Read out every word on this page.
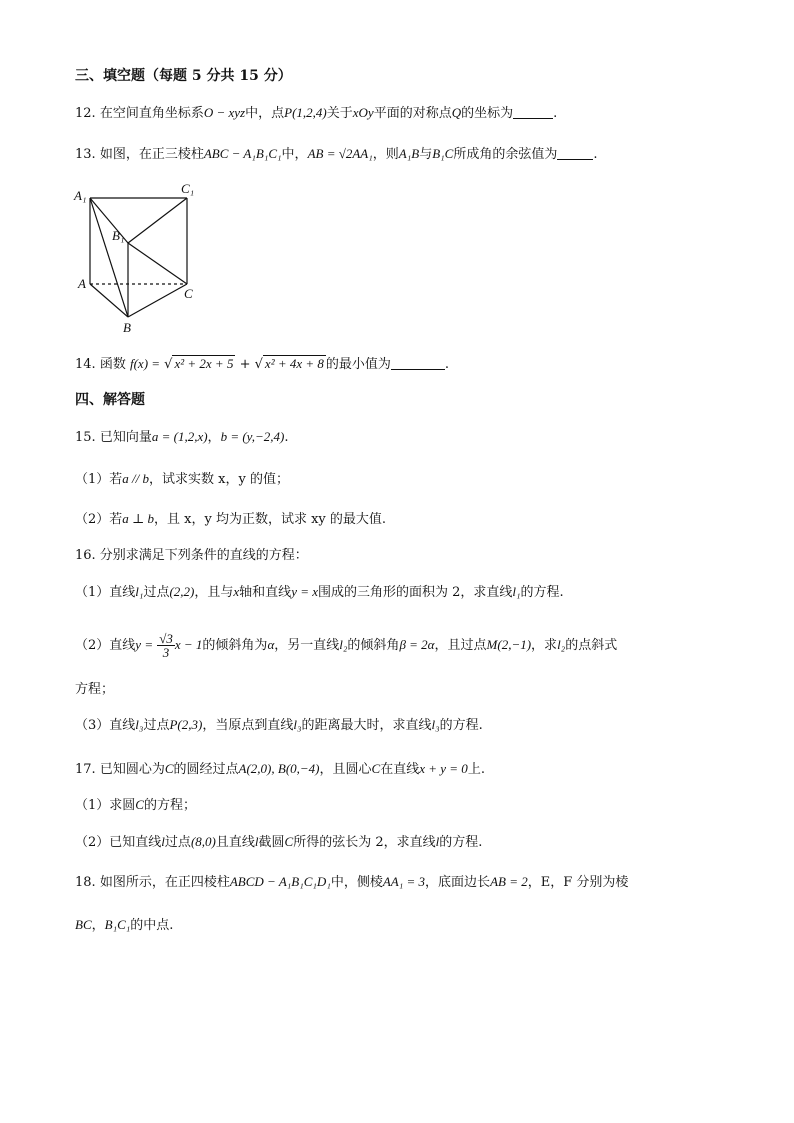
三、填空题（每题 5 分共 15 分）
12. 在空间直角坐标系O − xyz中，点P(1,2,4)关于xOy平面的对称点Q的坐标为	.
13. 如图，在正三棱柱ABC − A₁B₁C₁中，AB = √2AA₁，则A₁B与B₁C所成角的余弦值为	.
A₁	C₁
B₁
A
C
B
14. 函数 f(x) = √ x² + 2x + 5 + √ x² + 4x + 8 的最小值为	.
四、解答题
15. 已知向量a = (1,2,x)，b = (y,−2,4).
（1）若a // b，试求实数 x，y 的值；
（2）若a ⊥ b，且 x，y 均为正数，试求 xy 的最大值.
16. 分别求满足下列条件的直线的方程：
（1）直线l₁过点(2,2)，且与x轴和直线y = x围成的三角形的面积为 2，求直线l₁的方程.
（2）直线$y = \frac{√3}{3}$ x − 1的倾斜角为α，另一直线l₂的倾斜角β = 2α，且过点M(2,−1)，求l₂的点斜式
方程；
（3）直线l₃过点P(2,3)，当原点到直线l₃的距离最大时，求直线l₃的方程.
17. 已知圆心为C的圆经过点A(2,0), B(0,−4)，且圆心C在直线x + y = 0上.
（1）求圆C的方程；
（2）已知直线l过点(8,0)且直线l截圆C所得的弦长为 2，求直线l的方程.
18. 如图所示，在正四棱柱ABCD − A₁B₁C₁D₁中，侧棱AA₁ = 3，底面边长AB = 2，E，F 分别为棱
BC，B₁C₁的中点.
